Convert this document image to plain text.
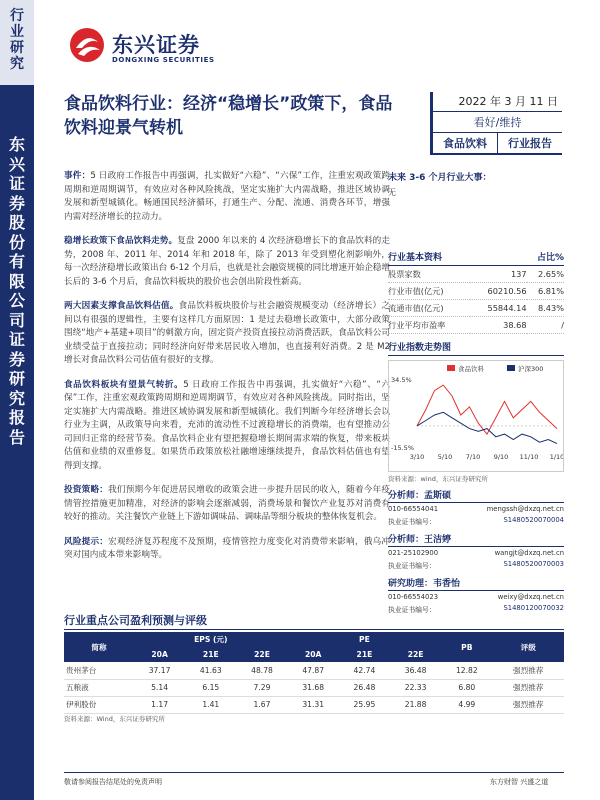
行业研究
东兴证券股份有限公司证券研究报告
东兴证券
DONGXING SECURITIES
食品饮料行业：经济“稳增长”政策下，食品饮料迎景气转机
2022 年 3 月 11 日
看好/维持
食品饮料	行业报告

事件：5 日政府工作报告中再强调，扎实做好“六稳”、“六保”工作，注重宏观政策跨周期和逆周期调节，有效应对各种风险挑战，坚定实施扩大内需战略，推进区域协调发展和新型城镇化。畅通国民经济循环，打通生产、分配、流通、消费各环节，增强内需对经济增长的拉动力。

稳增长政策下食品饮料走势。复盘 2000 年以来的 4 次经济稳增长下的食品饮料的走势，2008 年、2011 年、2014 年和 2018 年，除了 2013 年受到塑化剂影响外，每一次经济稳增长政策出台 6-12 个月后，也就是社会融资规模的同比增速开始企稳增长后的 3-6 个月后，食品饮料板块的股价也会创出阶段性新高。

两大因素支撑食品饮料估值。食品饮料板块股价与社会融资规模变动（经济增长）之间以有很强的逻辑性，主要有这样几方面原因：1 是过去稳增长政策中，大部分政策围绕“地产+基建+项目”的刺激方向，固定资产投资直接拉动消费活跃，食品饮料公司业绩受益于直接拉动；同时经济向好带来居民收入增加，也直接利好消费。2 是 M2 增长对食品饮料公司估值有很好的支撑。

食品饮料板块有望景气转折。5 日政府工作报告中再强调，扎实做好“六稳”、“六保”工作，注重宏观政策跨周期和逆周期调节，有效应对各种风险挑战。同时指出，坚定实施扩大内需战略。推进区域协调发展和新型城镇化。我们判断今年经济增长会以行业为主调，从政策导向来看，充沛的流动性不过渡稳增长的消费端，也有望推动公司回归正常的经营节奏。食品饮料企业有望把握稳增长期间需求端的恢复，带来板块估值和业绩的双重修复。如果货币政策放松社融增速继续提升，食品饮料估值也有望得到支撑。

投资策略：我们预期今年促进居民增收的政策会进一步提升居民的收入，随着今年疫情管控措施更加精准，对经济的影响会逐渐减弱，消费场景和餐饮产业复苏对消费有较好的推动。关注餐饮产业链上下游如调味品、调味品等细分板块的整体恢复机会。

风险提示：宏观经济复苏程度不及预期，疫情管控力度变化对消费带来影响，俄乌冲突对国内成本带来影响等。

未来 3-6 个月行业大事：
无
行业基本资料	占比%
股票家数	137	2.65%
行业市值(亿元)	60210.56	6.81%
流通市值(亿元)	55844.14	8.43%
行业平均市盈率	38.68	/
行业指数走势图
34.5%
-15.5%
3/10 5/10 7/10 9/10 11/10 1/10
食品饮料	沪深300
资料来源：wind，东兴证券研究所
分析师：孟斯硕
010-66554041	mengssh@dxzq.net.cn
执业证书编号：	S1480520070004
分析师：王洁婷
021-25102900	wangjt@dxzq.net.cn
执业证书编号：	S1480520070003
研究助理：韦香怡
010-66554023	weixy@dxzq.net.cn
执业证书编号：	S1480120070032
行业重点公司盈利预测与评级
简称	EPS (元)			PE			PB	评级
	20A	21E	22E	20A	21E	22E		
贵州茅台	37.17	41.63	48.78	47.87	42.74	36.48	12.82	强烈推荐
五粮液	5.14	6.15	7.29	31.68	26.48	22.33	6.80	强烈推荐
伊利股份	1.17	1.41	1.67	31.31	25.95	21.88	4.99	强烈推荐
资料来源：Wind，东兴证券研究所
敬请参阅报告结尾处的免责声明	东方财智 兴盛之道
